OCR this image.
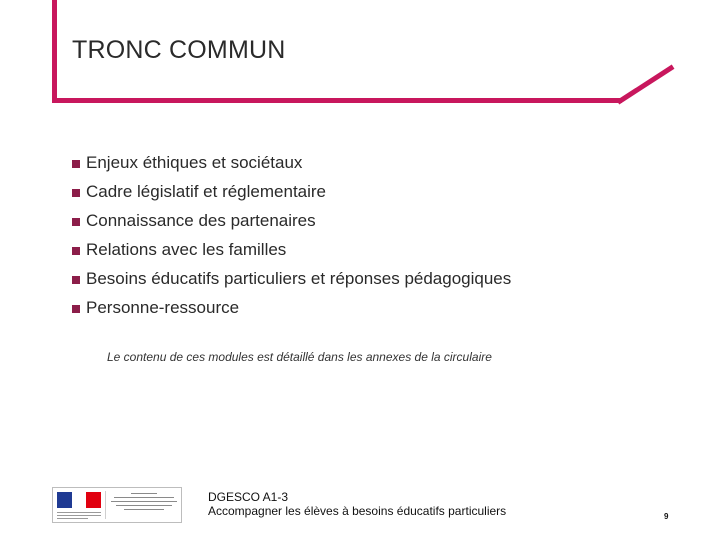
TRONC COMMUN
Enjeux éthiques et sociétaux
Cadre législatif et réglementaire
Connaissance des partenaires
Relations avec les familles
Besoins éducatifs particuliers et réponses pédagogiques
Personne-ressource
Le contenu de ces modules est détaillé dans les annexes de la circulaire
DGESCO A1-3
Accompagner les élèves à besoins éducatifs particuliers	9
